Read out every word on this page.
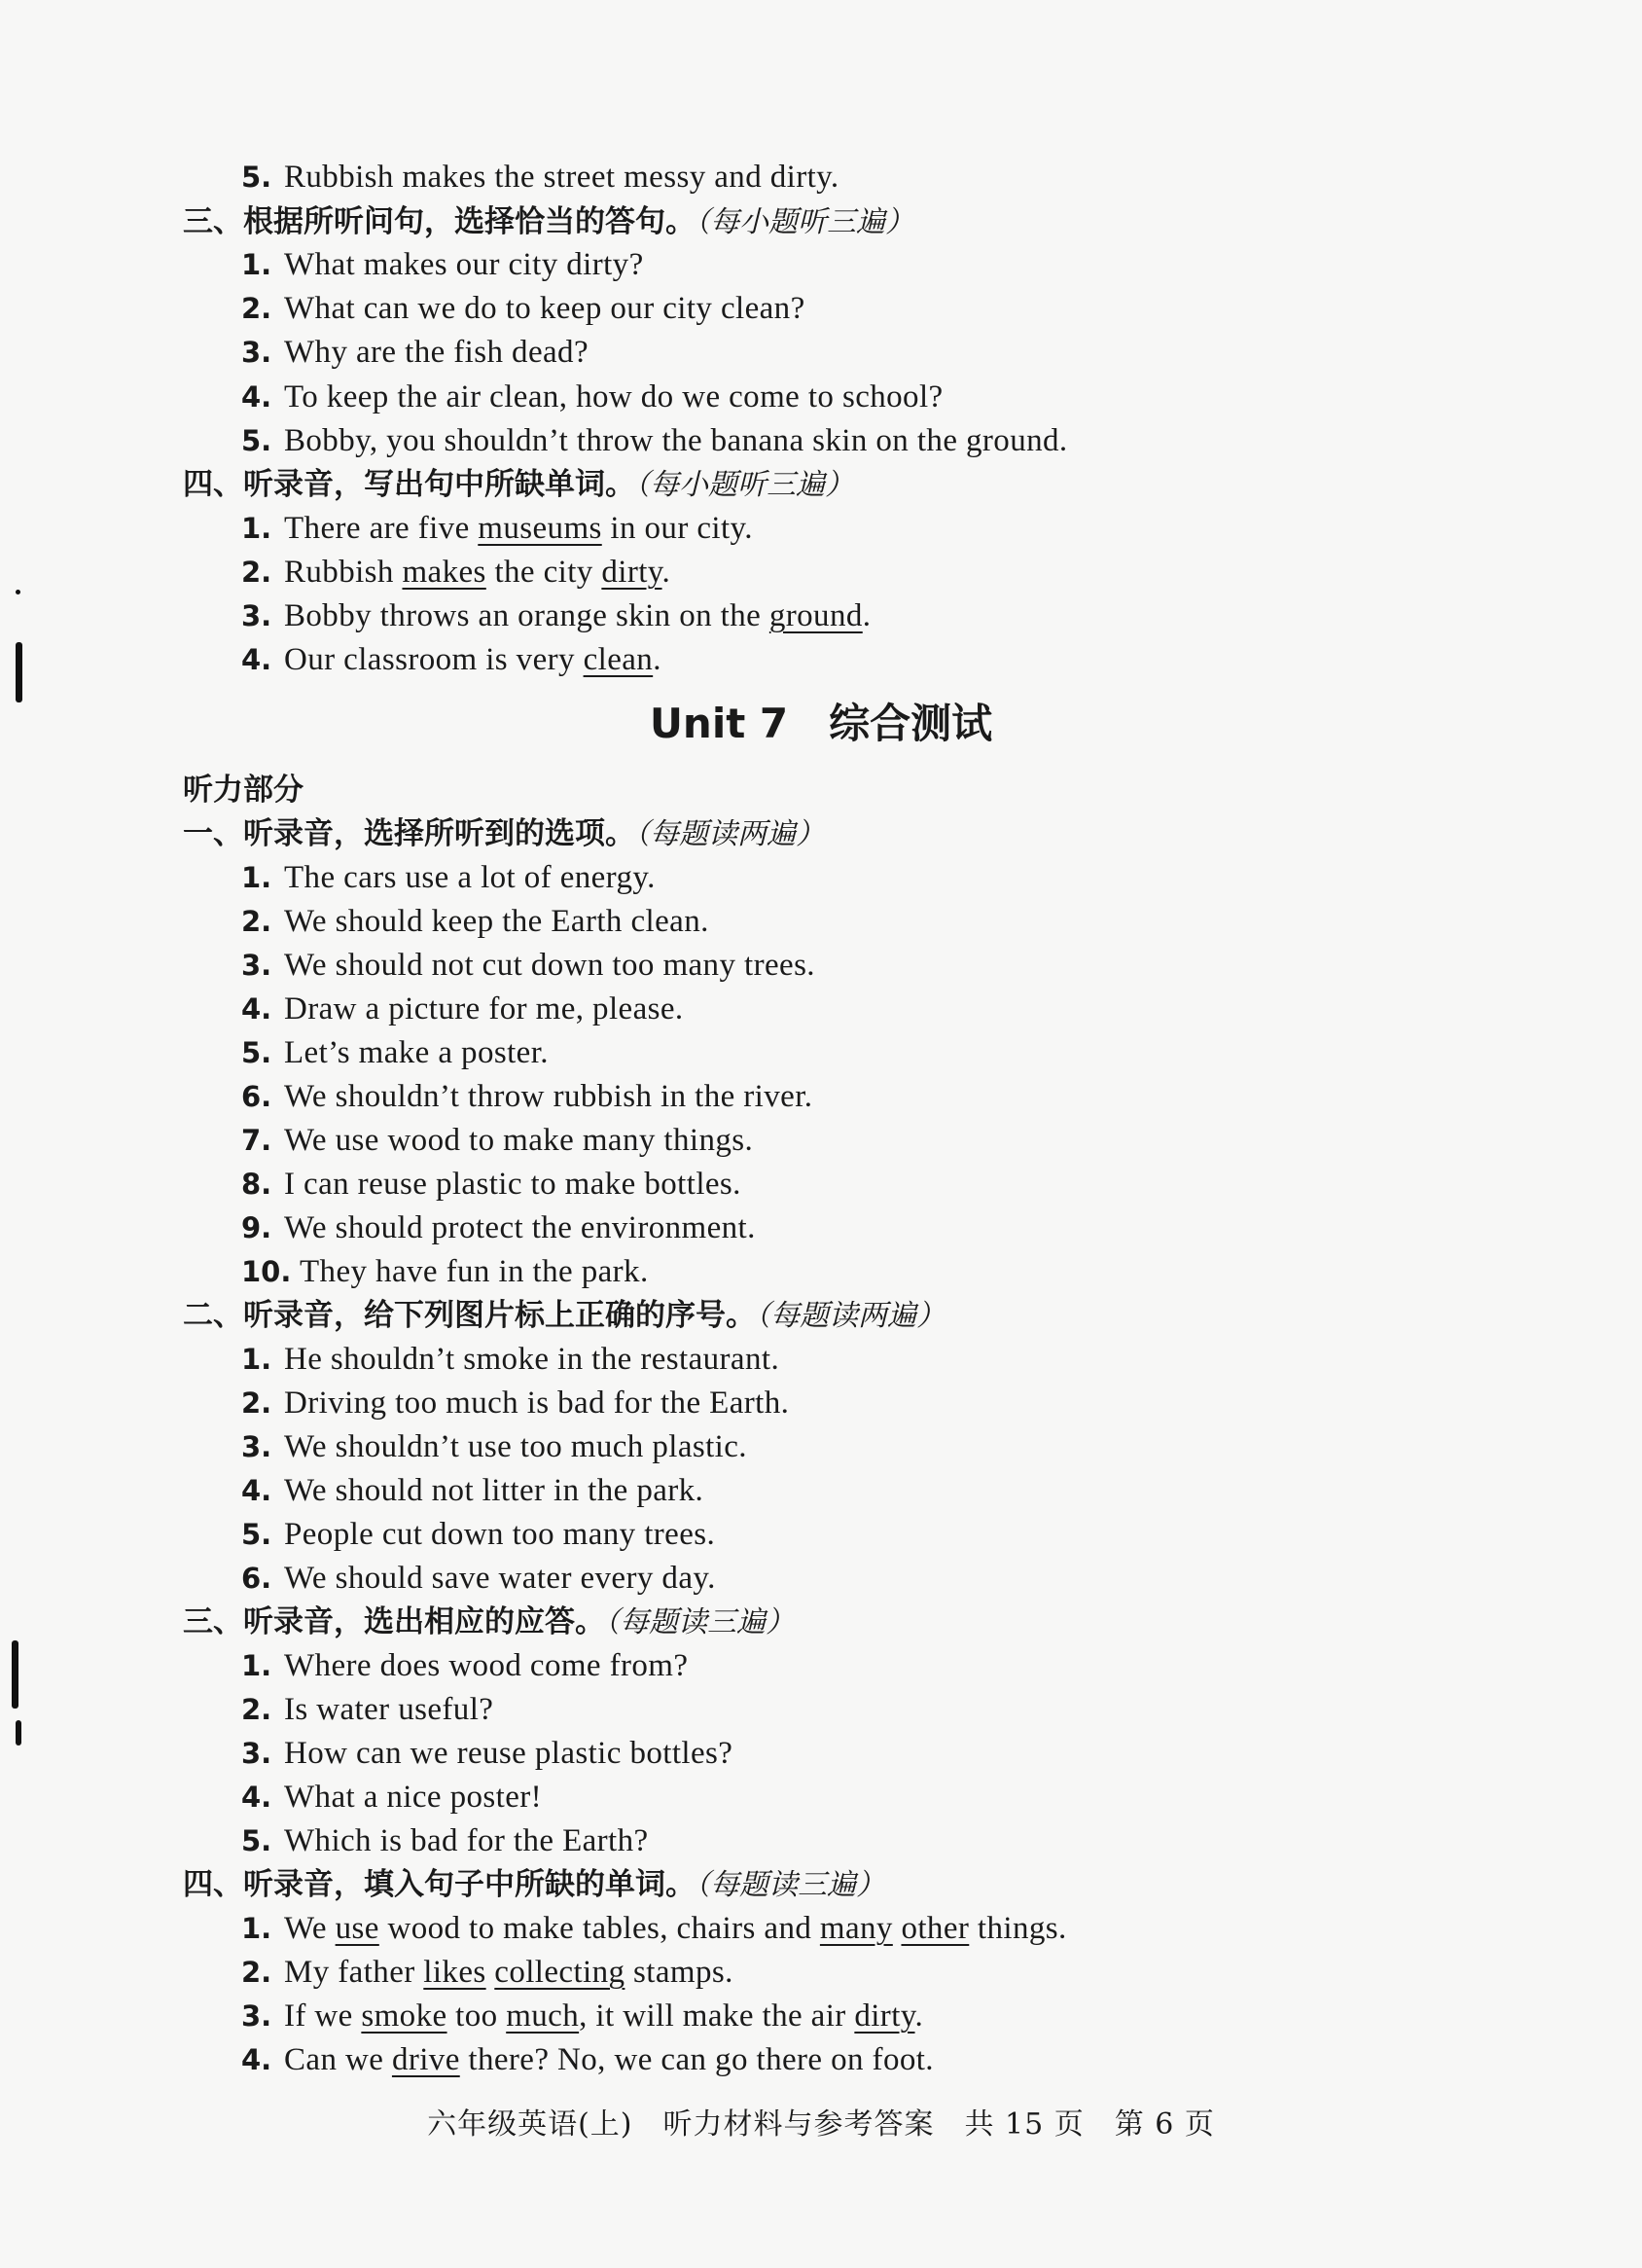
5. Rubbish makes the street messy and dirty.
三、根据所听问句，选择恰当的答句。（每小题听三遍）
1. What makes our city dirty?
2. What can we do to keep our city clean?
3. Why are the fish dead?
4. To keep the air clean, how do we come to school?
5. Bobby, you shouldn’t throw the banana skin on the ground.
四、听录音，写出句中所缺单词。（每小题听三遍）
1. There are five museums in our city.
2. Rubbish makes the city dirty.
3. Bobby throws an orange skin on the ground.
4. Our classroom is very clean.
Unit 7　综合测试
听力部分
一、听录音，选择所听到的选项。（每题读两遍）
1. The cars use a lot of energy.
2. We should keep the Earth clean.
3. We should not cut down too many trees.
4. Draw a picture for me, please.
5. Let’s make a poster.
6. We shouldn’t throw rubbish in the river.
7. We use wood to make many things.
8. I can reuse plastic to make bottles.
9. We should protect the environment.
10. They have fun in the park.
二、听录音，给下列图片标上正确的序号。（每题读两遍）
1. He shouldn’t smoke in the restaurant.
2. Driving too much is bad for the Earth.
3. We shouldn’t use too much plastic.
4. We should not litter in the park.
5. People cut down too many trees.
6. We should save water every day.
三、听录音，选出相应的应答。（每题读三遍）
1. Where does wood come from?
2. Is water useful?
3. How can we reuse plastic bottles?
4. What a nice poster!
5. Which is bad for the Earth?
四、听录音，填入句子中所缺的单词。（每题读三遍）
1. We use wood to make tables, chairs and many other things.
2. My father likes collecting stamps.
3. If we smoke too much, it will make the air dirty.
4. Can we drive there? No, we can go there on foot.
六年级英语(上)　听力材料与参考答案　共 15 页　第 6 页
